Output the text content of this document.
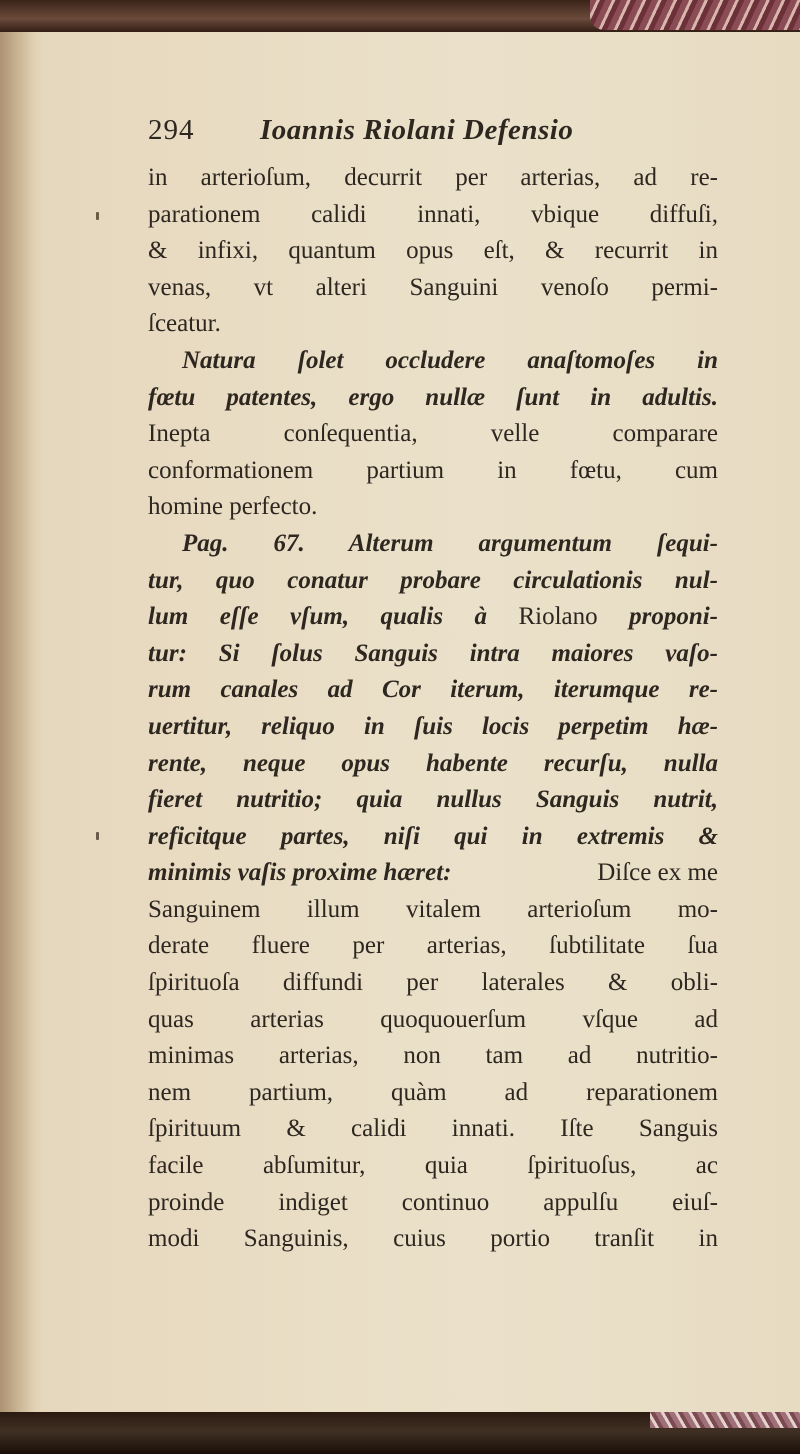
294	Ioannis Riolani Defensio
in arterioſum, decurrit per arterias, ad re-
parationem calidi innati, vbique diffuſi,
& infixi, quantum opus eſt, & recurrit in
venas, vt alteri Sanguini venoſo permi-
ſceatur.
Natura ſolet occludere anaſtomoſes in
fœtu patentes, ergo nullæ ſunt in adultis.
Inepta conſequentia, velle comparare
conformationem partium in fœtu, cum
homine perfecto.
Pag. 67. Alterum argumentum ſequi-
tur, quo conatur probare circulationis nul-
lum eſſe vſum, qualis à Riolano proponi-
tur: Si ſolus Sanguis intra maiores vaſo-
rum canales ad Cor iterum, iterumque re-
uertitur, reliquo in ſuis locis perpetim hæ-
rente, neque opus habente recurſu, nulla
fieret nutritio; quia nullus Sanguis nutrit,
reficitque partes, niſi qui in extremis &
minimis vaſis proxime hæret:	Diſce ex me
Sanguinem illum vitalem arterioſum mo-
derate fluere per arterias, ſubtilitate ſua
ſpirituoſa diffundi per laterales & obli-
quas arterias quoquouerſum vſque ad
minimas arterias, non tam ad nutritio-
nem partium, quàm ad reparationem
ſpirituum & calidi innati. Iſte Sanguis
facile abſumitur, quia ſpirituoſus, ac
proinde indiget continuo appulſu eiuſ-
modi Sanguinis, cuius portio tranſit in
